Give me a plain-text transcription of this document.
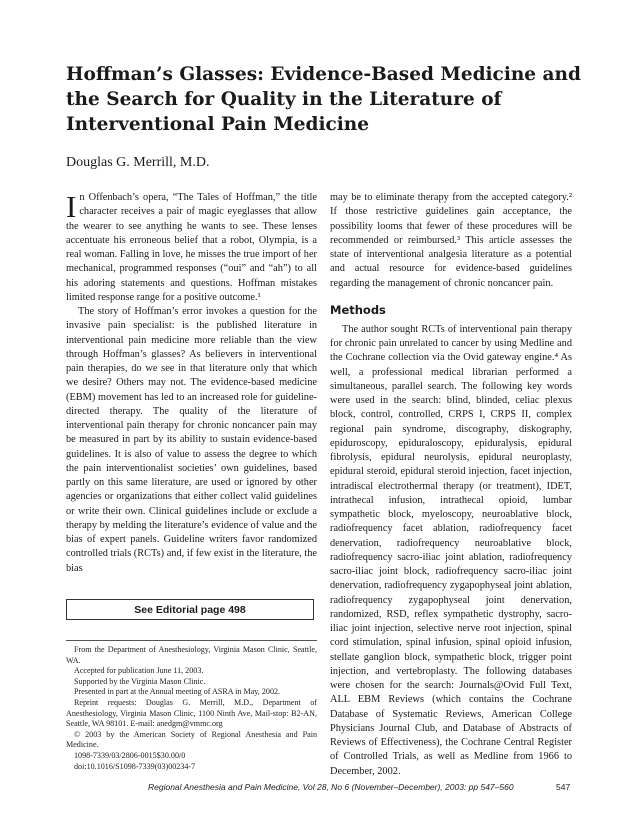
Hoffman’s Glasses: Evidence-Based Medicine and the Search for Quality in the Literature of Interventional Pain Medicine
Douglas G. Merrill, M.D.

In Offenbach’s opera, “The Tales of Hoffman,” the title character receives a pair of magic eyeglasses that allow the wearer to see anything he wants to see. These lenses accentuate his erroneous belief that a robot, Olympia, is a real woman. Falling in love, he misses the true import of her mechanical, programmed responses (“oui” and “ah”) to all his adoring statements and questions. Hoffman mistakes limited response range for a positive outcome.¹

The story of Hoffman’s error invokes a question for the invasive pain specialist: is the published literature in interventional pain medicine more reliable than the view through Hoffman’s glasses? As believers in interventional pain therapies, do we see in that literature only that which we desire? Others may not. The evidence-based medicine (EBM) movement has led to an increased role for guideline-directed therapy. The quality of the literature of interventional pain therapy for chronic noncancer pain may be measured in part by its ability to sustain evidence-based guidelines. It is also of value to assess the degree to which the pain interventionalist societies’ own guidelines, based partly on this same literature, are used or ignored by other agencies or organizations that either collect valid guidelines or write their own. Clinical guidelines include or exclude a therapy by melding the literature’s evidence of value and the bias of expert panels. Guideline writers favor randomized controlled trials (RCTs) and, if few exist in the literature, the bias

See Editorial page 498

From the Department of Anesthesiology, Virginia Mason Clinic, Seattle, WA.

Accepted for publication June 11, 2003.

Supported by the Virginia Mason Clinic.

Presented in part at the Annual meeting of ASRA in May, 2002.

Reprint requests: Douglas G. Merrill, M.D., Department of Anesthesiology, Virginia Mason Clinic, 1100 Ninth Ave, Mail-stop: B2-AN, Seattle, WA 98101. E-mail: anedgm@vmmc.org

© 2003 by the American Society of Regional Anesthesia and Pain Medicine.

1098-7339/03/2806-0015$30.00/0

doi:10.1016/S1098-7339(03)00234-7

may be to eliminate therapy from the accepted category.² If those restrictive guidelines gain acceptance, the possibility looms that fewer of these procedures will be recommended or reimbursed.³ This article assesses the state of interventional analgesia literature as a potential and actual resource for evidence-based guidelines regarding the management of chronic noncancer pain.

Methods

The author sought RCTs of interventional pain therapy for chronic pain unrelated to cancer by using Medline and the Cochrane collection via the Ovid gateway engine.⁴ As well, a professional medical librarian performed a simultaneous, parallel search. The following key words were used in the search: blind, blinded, celiac plexus block, control, controlled, CRPS I, CRPS II, complex regional pain syndrome, discography, diskography, epiduroscopy, epiduraloscopy, epiduralysis, epidural fibrolysis, epidural neurolysis, epidural neuroplasty, epidural steroid, epidural steroid injection, facet injection, intradiscal electrothermal therapy (or treatment), IDET, intrathecal infusion, intrathecal opioid, lumbar sympathetic block, myeloscopy, neuroablative block, radiofrequency facet ablation, radiofrequency facet denervation, radiofrequency neuroablative block, radiofrequency sacro-iliac joint ablation, radiofrequency sacro-iliac joint block, radiofrequency sacro-iliac joint denervation, radiofrequency zygapophyseal joint ablation, radiofrequency zygapophyseal joint denervation, randomized, RSD, reflex sympathetic dystrophy, sacro-iliac joint injection, selective nerve root injection, spinal cord stimulation, spinal infusion, spinal opioid infusion, stellate ganglion block, sympathetic block, trigger point injection, and vertebroplasty. The following databases were chosen for the search: Journals@Ovid Full Text, ALL EBM Reviews (which contains the Cochrane Database of Systematic Reviews, American College Physicians Journal Club, and Database of Abstracts of Reviews of Effectiveness), the Cochrane Central Register of Controlled Trials, as well as Medline from 1966 to December, 2002.

Regional Anesthesia and Pain Medicine, Vol 28, No 6 (November–December), 2003: pp 547–560	547
